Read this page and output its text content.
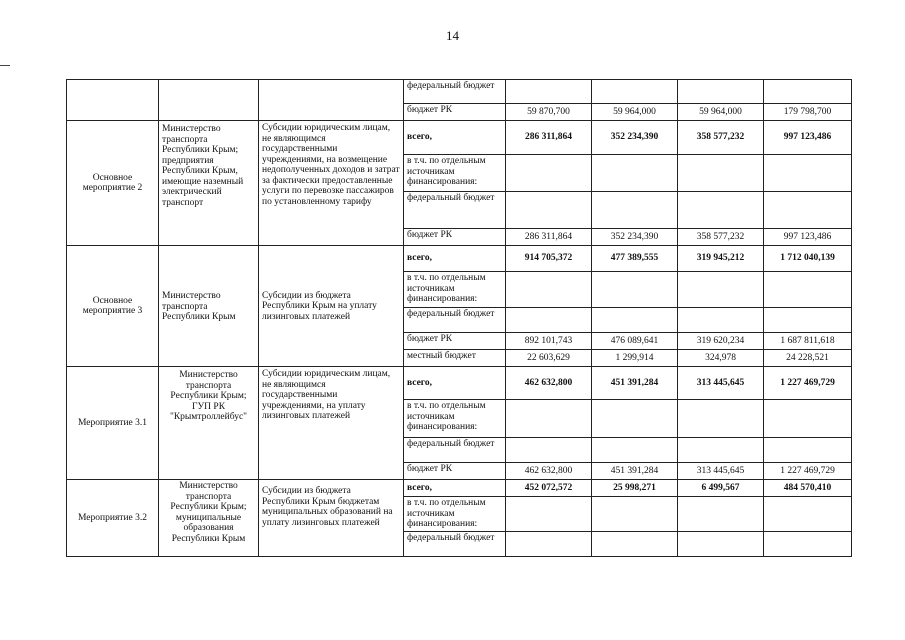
14
			федеральный бюджет				
			бюджет РК	59 870,700	59 964,000	59 964,000	179 798,700
Основное мероприятие 2	Министерство транспорта Республики Крым; предприятия Республики Крым, имеющие наземный электрический транспорт	Субсидии юридическим лицам, не являющимся государственными учреждениями, на возмещение недополученных доходов и затрат за фактически предоставленные услуги по перевозке пассажиров по установленному тарифу	всего,	286 311,864	352 234,390	358 577,232	997 123,486
			в т.ч. по отдельным источникам финансирования:				
			федеральный бюджет				
			бюджет РК	286 311,864	352 234,390	358 577,232	997 123,486
Основное мероприятие 3	Министерство транспорта Республики Крым	Субсидии из бюджета Республики Крым на уплату лизинговых платежей	всего,	914 705,372	477 389,555	319 945,212	1 712 040,139
			в т.ч. по отдельным источникам финансирования:				
			федеральный бюджет				
			бюджет РК	892 101,743	476 089,641	319 620,234	1 687 811,618
			местный бюджет	22 603,629	1 299,914	324,978	24 228,521
Мероприятие 3.1	Министерство транспорта Республики Крым; ГУП РК "Крымтроллейбус"	Субсидии юридическим лицам, не являющимся государственными учреждениями, на уплату лизинговых платежей	всего,	462 632,800	451 391,284	313 445,645	1 227 469,729
			в т.ч. по отдельным источникам финансирования:				
			федеральный бюджет				
			бюджет РК	462 632,800	451 391,284	313 445,645	1 227 469,729
Мероприятие 3.2	Министерство транспорта Республики Крым; муниципальные образования Республики Крым	Субсидии из бюджета Республики Крым бюджетам муниципальных образований на уплату лизинговых платежей	всего,	452 072,572	25 998,271	6 499,567	484 570,410
			в т.ч. по отдельным источникам финансирования:				
			федеральный бюджет				
